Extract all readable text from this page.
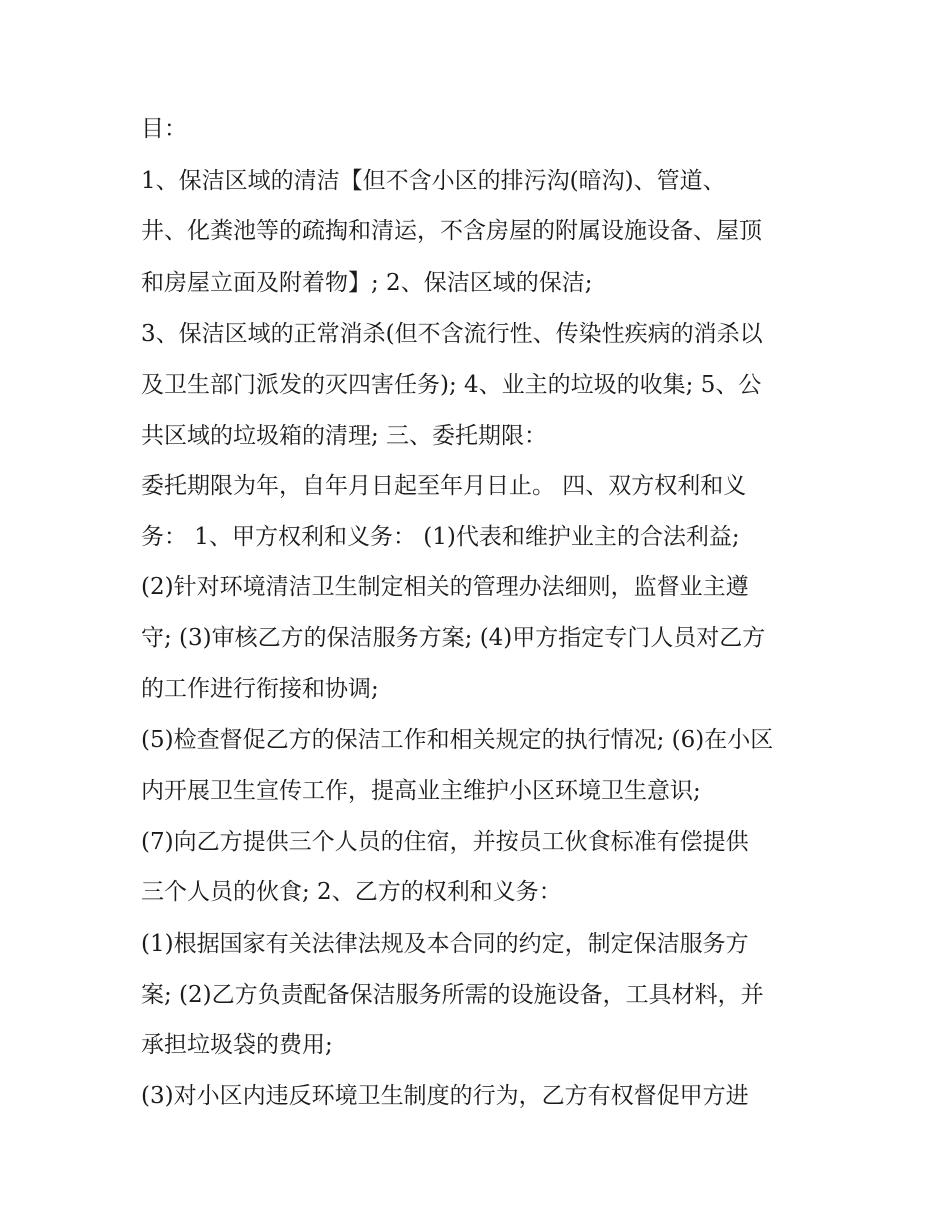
目：
1、保洁区域的清洁【但不含小区的排污沟(暗沟)、管道、
井、化粪池等的疏掏和清运，不含房屋的附属设施设备、屋顶
和房屋立面及附着物】; 2、保洁区域的保洁;
3、保洁区域的正常消杀(但不含流行性、传染性疾病的消杀以
及卫生部门派发的灭四害任务); 4、业主的垃圾的收集; 5、公
共区域的垃圾箱的清理; 三、委托期限：
委托期限为年，自年月日起至年月日止。 四、双方权利和义
务： 1、甲方权利和义务： (1)代表和维护业主的合法利益;
(2)针对环境清洁卫生制定相关的管理办法细则，监督业主遵
守; (3)审核乙方的保洁服务方案; (4)甲方指定专门人员对乙方
的工作进行衔接和协调;
(5)检查督促乙方的保洁工作和相关规定的执行情况; (6)在小区
内开展卫生宣传工作，提高业主维护小区环境卫生意识;
(7)向乙方提供三个人员的住宿，并按员工伙食标准有偿提供
三个人员的伙食; 2、乙方的权利和义务：
(1)根据国家有关法律法规及本合同的约定，制定保洁服务方
案; (2)乙方负责配备保洁服务所需的设施设备，工具材料，并
承担垃圾袋的费用;
(3)对小区内违反环境卫生制度的行为，乙方有权督促甲方进
